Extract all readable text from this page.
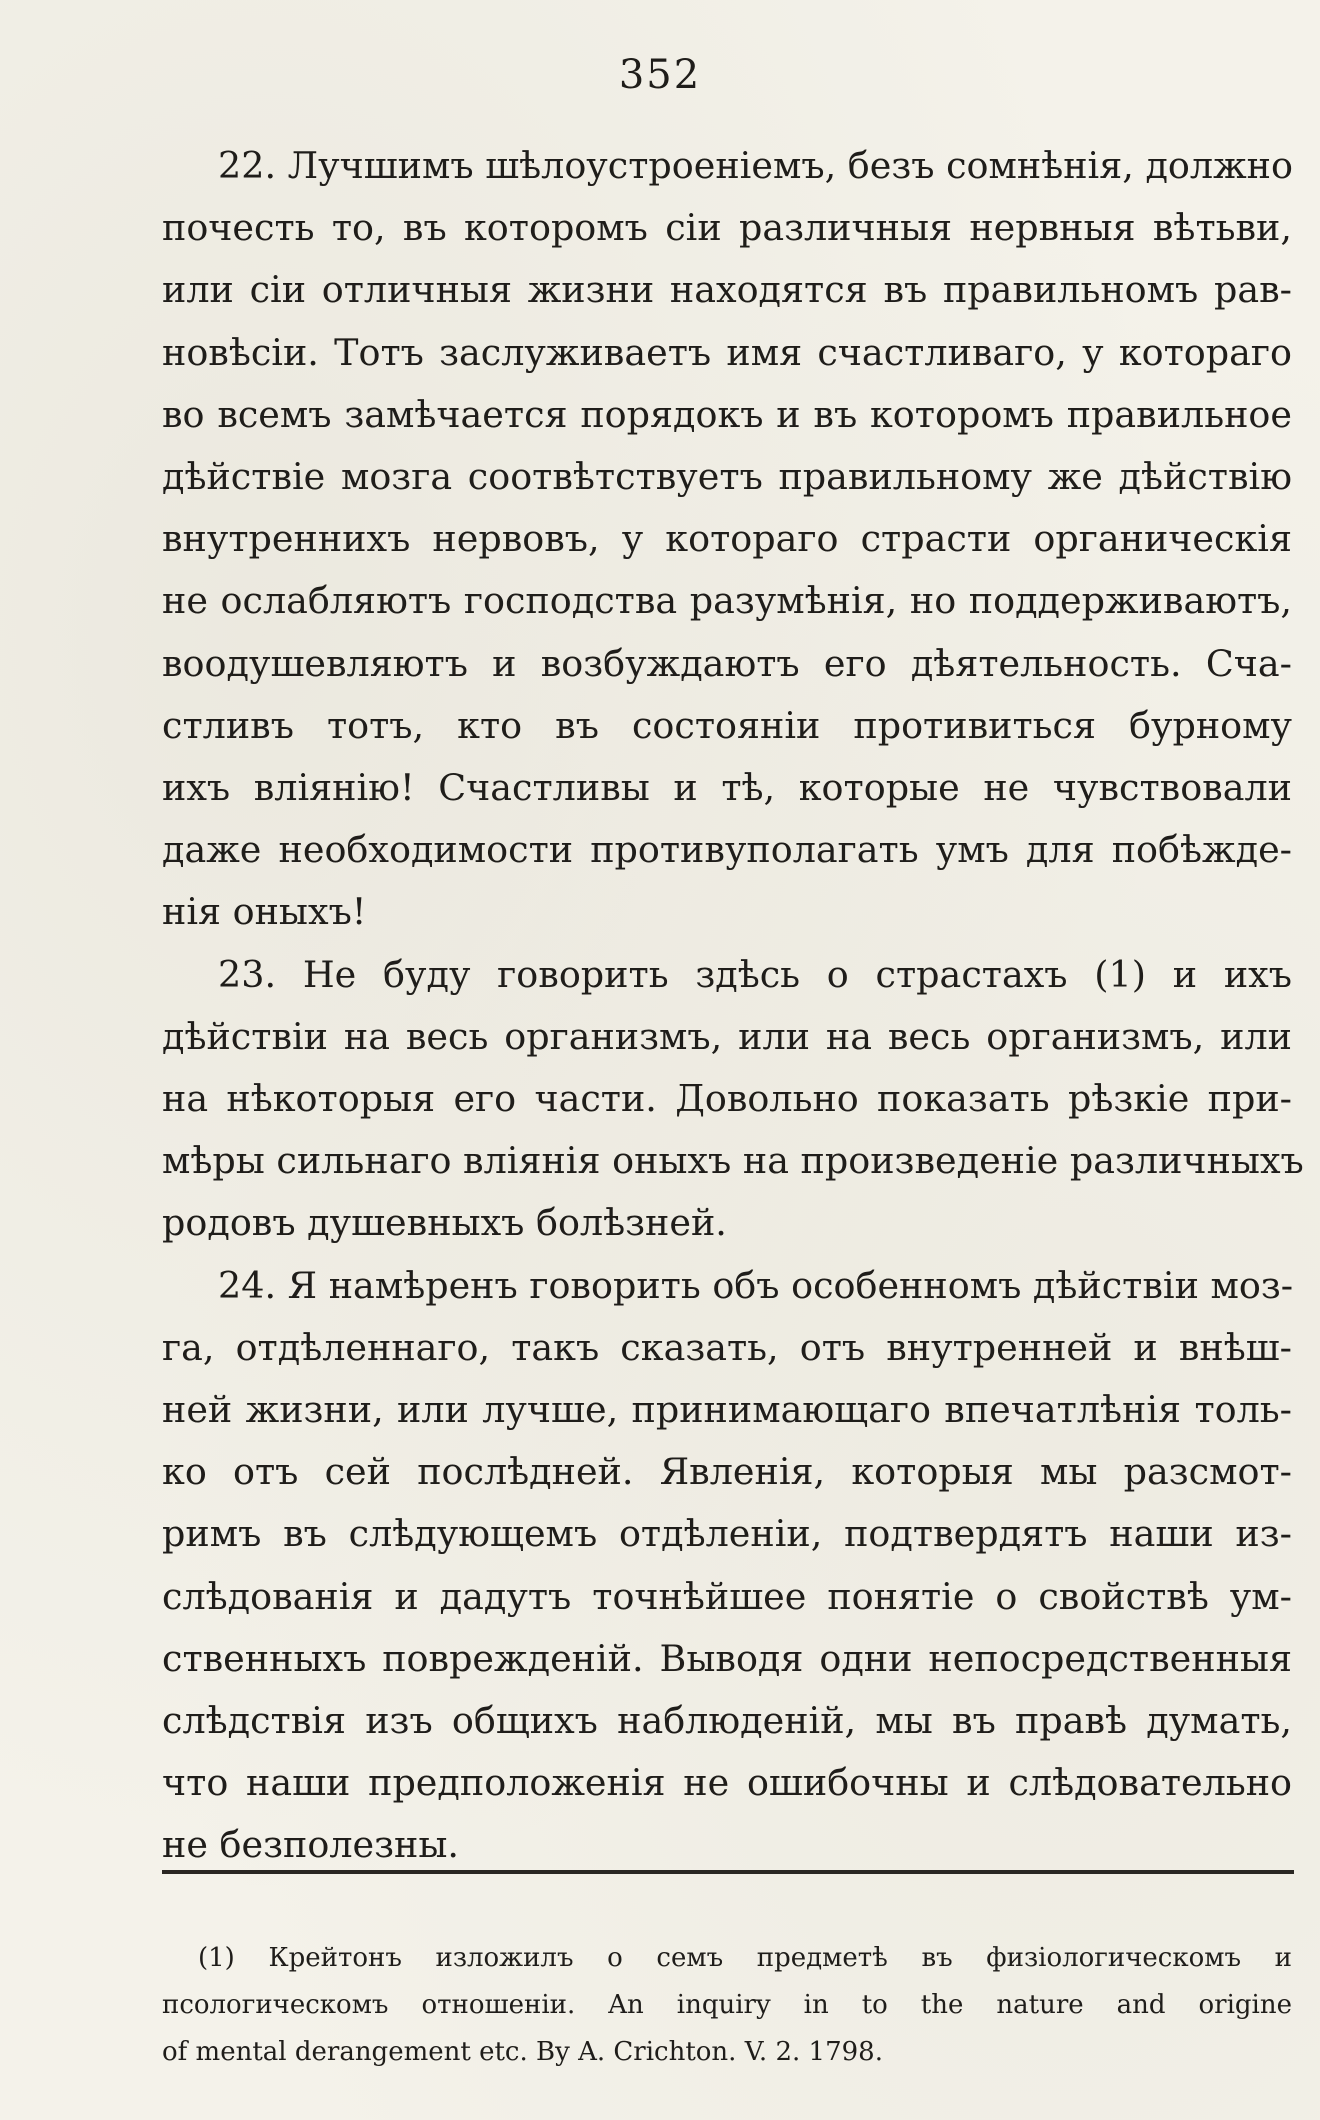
352

22. Лучшимъ шѣлоустроеніемъ, безъ сомнѣнія, должно
почесть то, въ которомъ сіи различныя нервныя вѣтьви,
или сіи отличныя жизни находятся въ правильномъ рав-
новѣсіи. Тотъ заслуживаетъ имя счастливаго, у котораго
во всемъ замѣчается порядокъ и въ которомъ правильное
дѣйствіе мозга соотвѣтствуетъ правильному же дѣйствію
внутреннихъ нервовъ, у котораго страсти органическія
не ослабляютъ господства разумѣнія, но поддерживаютъ,
воодушевляютъ и возбуждаютъ его дѣятельность. Сча-
стливъ тотъ, кто въ состояніи противиться бурному
ихъ вліянію! Счастливы и тѣ, которые не чувствовали
даже необходимости противуполагать умъ для побѣжде-
нія оныхъ!

23. Не буду говорить здѣсь о страстахъ (1) и ихъ
дѣйствіи на весь организмъ, или на весь организмъ, или
на нѣкоторыя его части. Довольно показать рѣзкіе при-
мѣры сильнаго вліянія оныхъ на произведеніе различныхъ
родовъ душевныхъ болѣзней.

24. Я намѣренъ говорить объ особенномъ дѣйствіи моз-
га, отдѣленнаго, такъ сказать, отъ внутренней и внѣш-
ней жизни, или лучше, принимающаго впечатлѣнія толь-
ко отъ сей послѣдней. Явленія, которыя мы разсмот-
римъ въ слѣдующемъ отдѣленіи, подтвердятъ наши из-
слѣдованія и дадутъ точнѣйшее понятіе о свойствѣ ум-
ственныхъ поврежденій. Выводя одни непосредственныя
слѣдствія изъ общихъ наблюденій, мы въ правѣ думать,
что наши предположенія не ошибочны и слѣдовательно
не безполезны.

(1) Крейтонъ изложилъ о семъ предметѣ въ физіологическомъ и
псологическомъ отношеніи. An inquiry in to the nature and origine
of mental derangement etc. By A. Crichton. V. 2. 1798.
